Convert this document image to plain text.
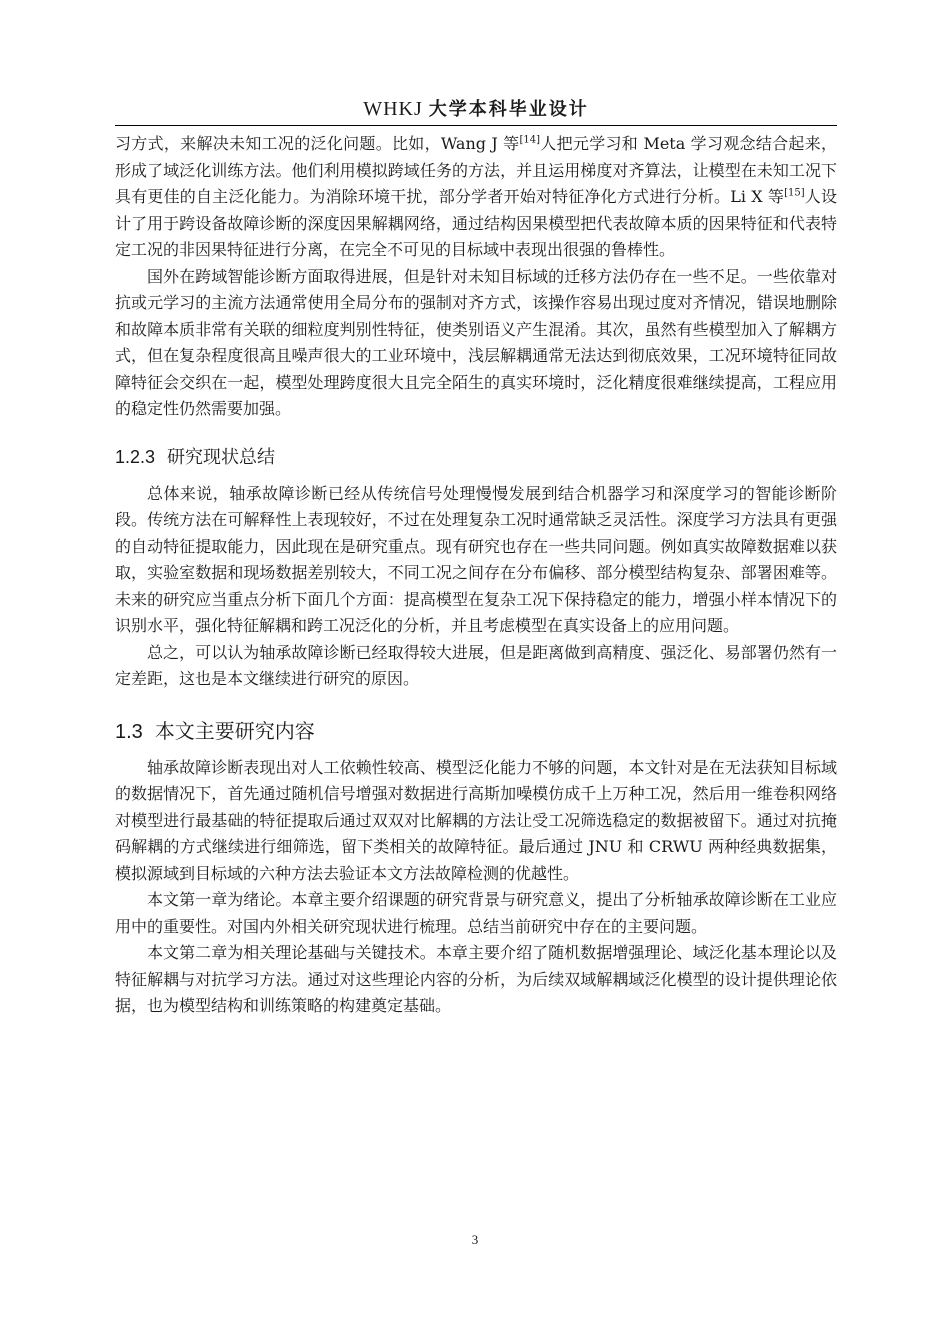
WHKJ 大学本科毕业设计

习方式，来解决未知工况的泛化问题。比如，Wang J 等[14]人把元学习和 Meta 学习观念结合起来，形成了域泛化训练方法。他们利用模拟跨域任务的方法，并且运用梯度对齐算法，让模型在未知工况下具有更佳的自主泛化能力。为消除环境干扰，部分学者开始对特征净化方式进行分析。Li X 等[15]人设计了用于跨设备故障诊断的深度因果解耦网络，通过结构因果模型把代表故障本质的因果特征和代表特定工况的非因果特征进行分离，在完全不可见的目标域中表现出很强的鲁棒性。

国外在跨域智能诊断方面取得进展，但是针对未知目标域的迁移方法仍存在一些不足。一些依靠对抗或元学习的主流方法通常使用全局分布的强制对齐方式，该操作容易出现过度对齐情况，错误地删除和故障本质非常有关联的细粒度判别性特征，使类别语义产生混淆。其次，虽然有些模型加入了解耦方式，但在复杂程度很高且噪声很大的工业环境中，浅层解耦通常无法达到彻底效果，工况环境特征同故障特征会交织在一起，模型处理跨度很大且完全陌生的真实环境时，泛化精度很难继续提高，工程应用的稳定性仍然需要加强。

1.2.3 研究现状总结

总体来说，轴承故障诊断已经从传统信号处理慢慢发展到结合机器学习和深度学习的智能诊断阶段。传统方法在可解释性上表现较好，不过在处理复杂工况时通常缺乏灵活性。深度学习方法具有更强的自动特征提取能力，因此现在是研究重点。现有研究也存在一些共同问题。例如真实故障数据难以获取，实验室数据和现场数据差别较大，不同工况之间存在分布偏移、部分模型结构复杂、部署困难等。未来的研究应当重点分析下面几个方面：提高模型在复杂工况下保持稳定的能力，增强小样本情况下的识别水平，强化特征解耦和跨工况泛化的分析，并且考虑模型在真实设备上的应用问题。

总之，可以认为轴承故障诊断已经取得较大进展，但是距离做到高精度、强泛化、易部署仍然有一定差距，这也是本文继续进行研究的原因。

1.3 本文主要研究内容

轴承故障诊断表现出对人工依赖性较高、模型泛化能力不够的问题，本文针对是在无法获知目标域的数据情况下，首先通过随机信号增强对数据进行高斯加噪模仿成千上万种工况，然后用一维卷积网络对模型进行最基础的特征提取后通过双双对比解耦的方法让受工况筛选稳定的数据被留下。通过对抗掩码解耦的方式继续进行细筛选，留下类相关的故障特征。最后通过 JNU 和 CRWU 两种经典数据集，模拟源域到目标域的六种方法去验证本文方法故障检测的优越性。

本文第一章为绪论。本章主要介绍课题的研究背景与研究意义，提出了分析轴承故障诊断在工业应用中的重要性。对国内外相关研究现状进行梳理。总结当前研究中存在的主要问题。

本文第二章为相关理论基础与关键技术。本章主要介绍了随机数据增强理论、域泛化基本理论以及特征解耦与对抗学习方法。通过对这些理论内容的分析，为后续双域解耦域泛化模型的设计提供理论依据，也为模型结构和训练策略的构建奠定基础。

3
